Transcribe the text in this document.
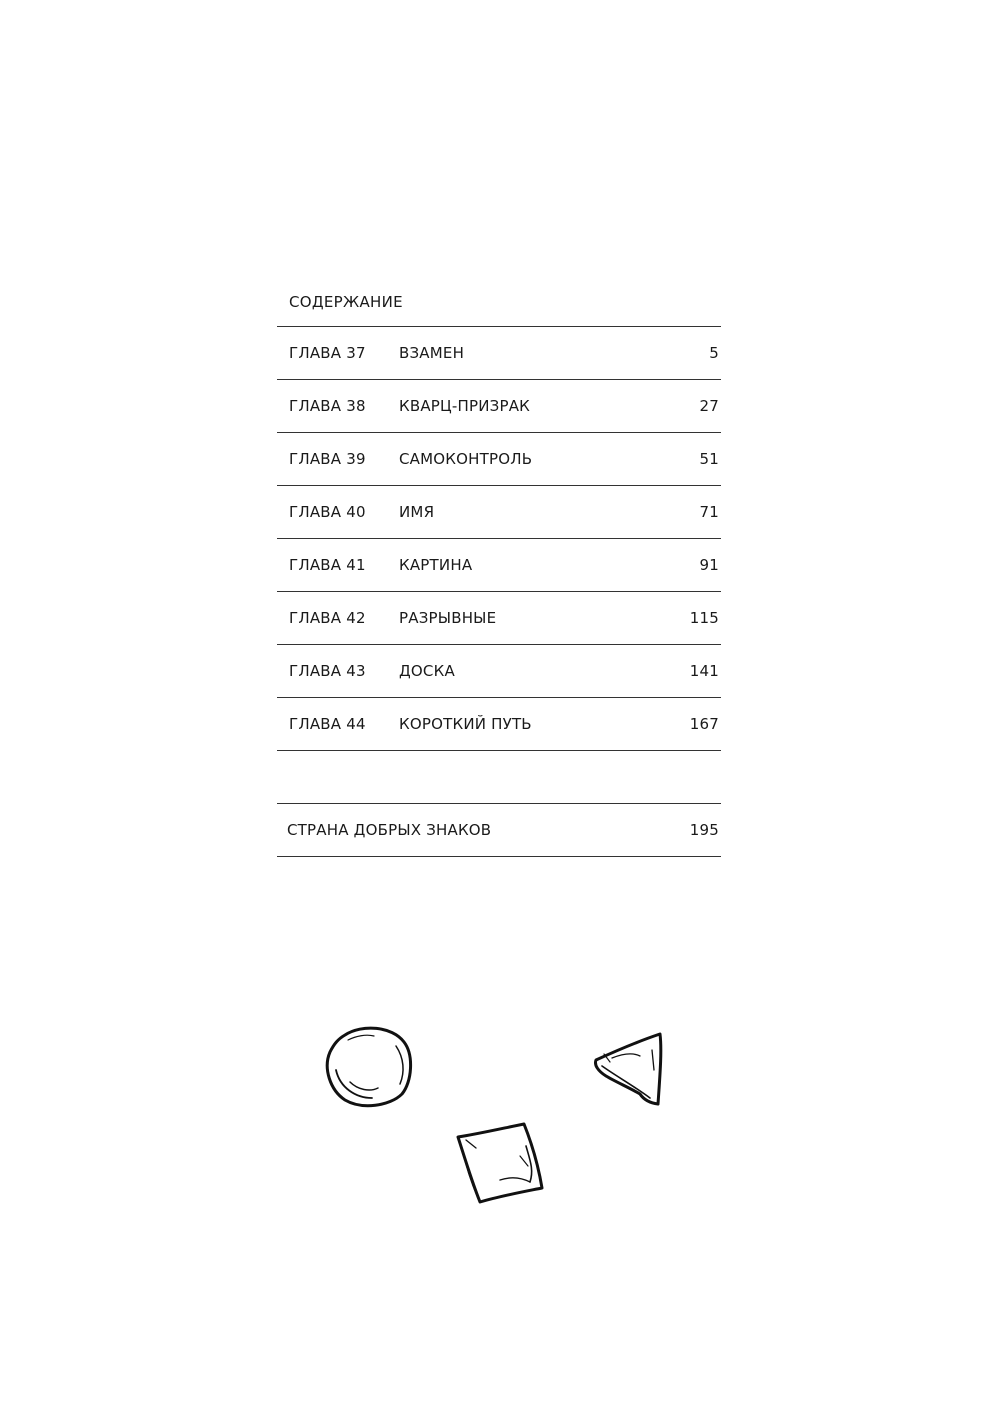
СОДЕРЖАНИЕ
ГЛАВА 37 ВЗАМЕН	5
ГЛАВА 38 КВАРЦ-ПРИЗРАК	27
ГЛАВА 39 САМОКОНТРОЛЬ	51
ГЛАВА 40 ИМЯ	71
ГЛАВА 41 КАРТИНА	91
ГЛАВА 42 РАЗРЫВНЫЕ	115
ГЛАВА 43 ДОСКА	141
ГЛАВА 44 КОРОТКИЙ ПУТЬ	167
СТРАНА ДОБРЫХ ЗНАКОВ	195
